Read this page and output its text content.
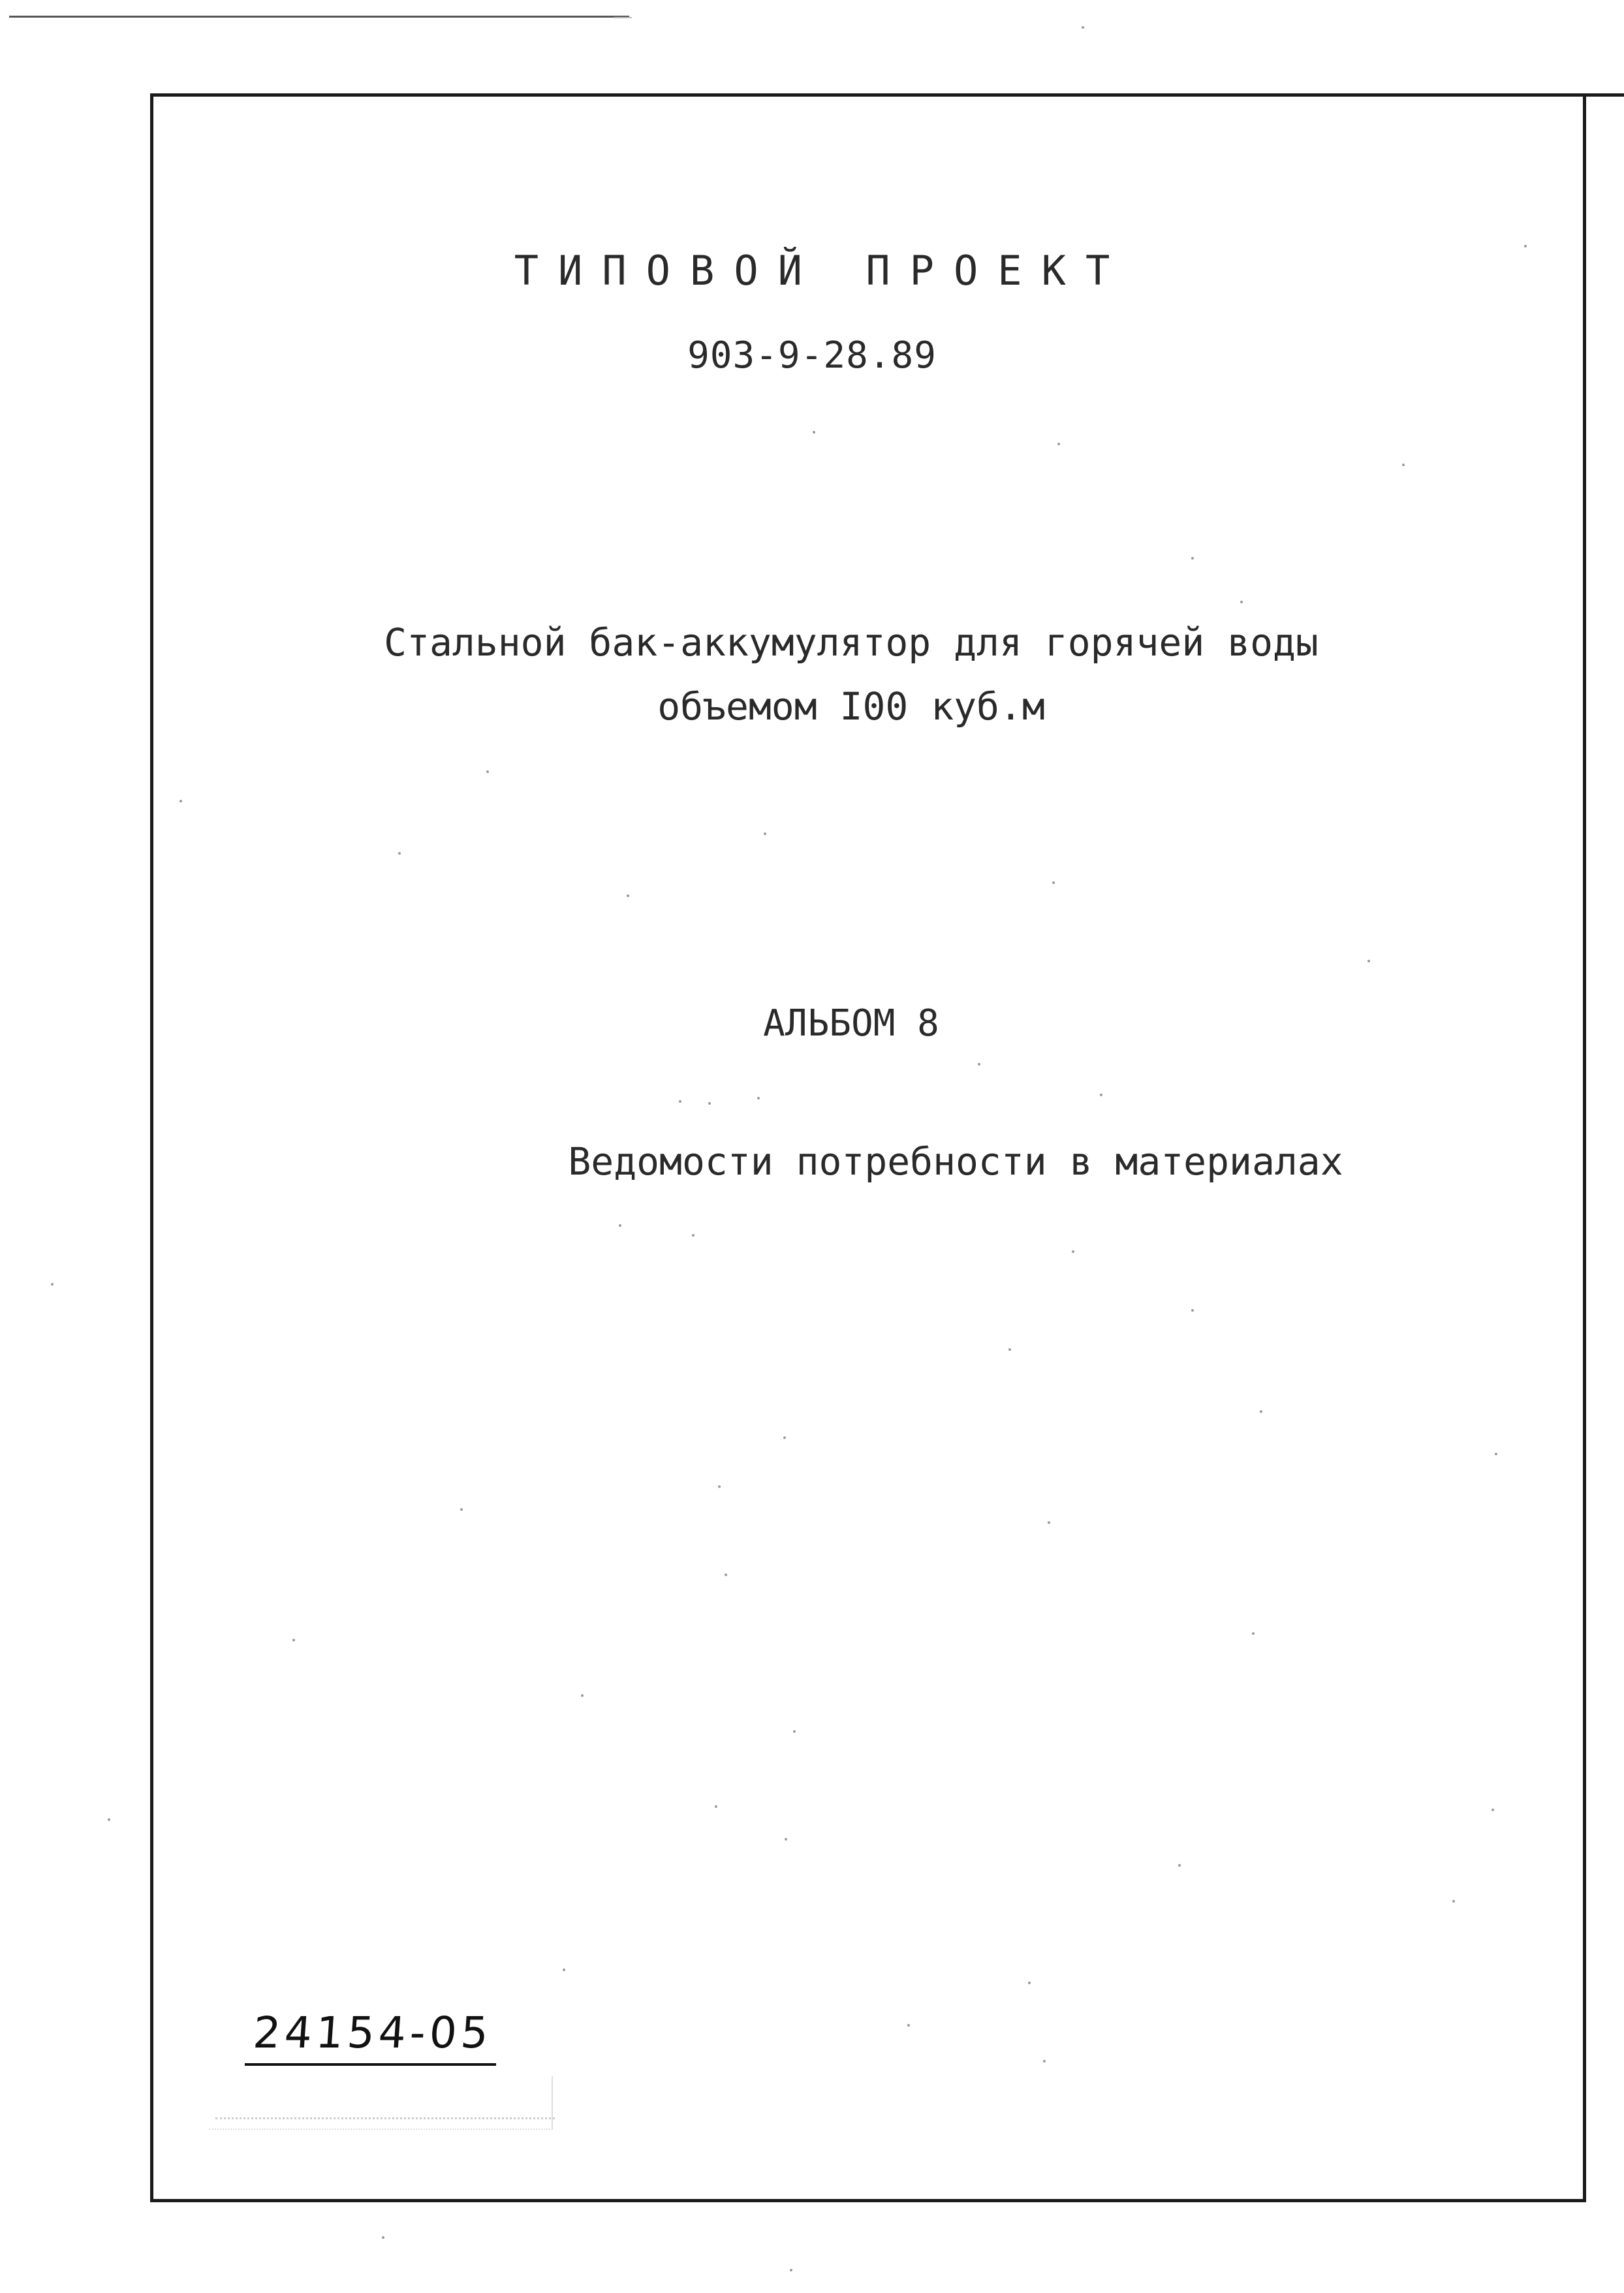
ТИПОВОЙ ПРОЕКТ
903-9-28.89
Стальной бак-аккумулятор для горячей воды
объемом I00 куб.м
АЛЬБОМ 8
Ведомости потребности в материалах
24154-05
